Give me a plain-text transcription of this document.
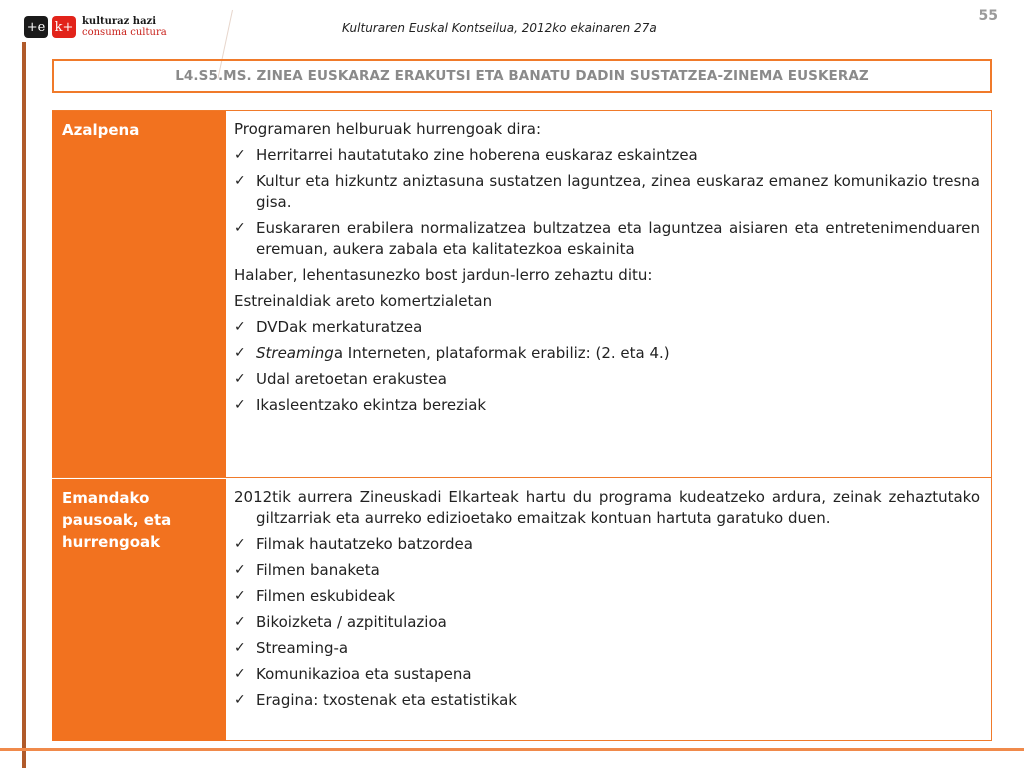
+e k+ kulturaz hazi
consuma cultura	Kulturaren Euskal Kontseilua, 2012ko ekainaren 27a
55
L4.S5.MS. ZINEA EUSKARAZ ERAKUTSI ETA BANATU DADIN SUSTATZEA-ZINEMA EUSKERAZ
Azalpena	Programaren helburuak hurrengoak dira:

✓ Herritarrei hautatutako zine hoberena euskaraz eskaintzea
✓ Kultur eta hizkuntz aniztasuna sustatzen laguntzea, zinea euskaraz emanez komunikazio tresna gisa.
✓ Euskararen erabilera normalizatzea bultzatzea eta laguntzea aisiaren eta entretenimenduaren eremuan, aukera zabala eta kalitatezkoa eskainita

Halaber, lehentasunezko bost jardun-lerro zehaztu ditu:

Estreinaldiak areto komertzialetan

✓ DVDak merkaturatzea
✓ Streaminga Interneten, plataformak erabiliz: (2. eta 4.)
✓ Udal aretoetan erakustea
✓ Ikasleentzako ekintza bereziak
Emandako pausoak, eta hurrengoak

2012tik aurrera Zineuskadi Elkarteak hartu du programa kudeatzeko ardura, zeinak zehaztutako giltzarriak eta aurreko edizioetako emaitzak kontuan hartuta garatuko duen.

✓ Filmak hautatzeko batzordea
✓ Filmen banaketa
✓ Filmen eskubideak
✓ Bikoizketa / azpititulazioa
✓ Streaming-a
✓ Komunikazioa eta sustapena
✓ Eragina: txostenak eta estatistikak
